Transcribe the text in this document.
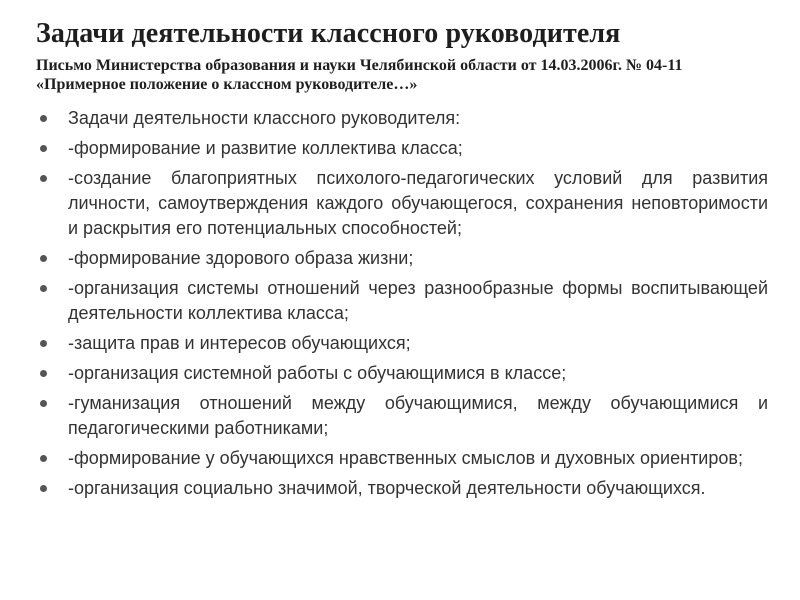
Задачи деятельности классного руководителя

Письмо Министерства образования и науки Челябинской области от 14.03.2006г. № 04-11 «Примерное положение о классном руководителе…»

Задачи деятельности классного руководителя:
-формирование и развитие коллектива класса;
-создание благоприятных психолого-педагогических условий для развития личности, самоутверждения каждого обучающегося, сохранения неповторимости и раскрытия его потенциальных способностей;
-формирование здорового образа жизни;
-организация системы отношений через разнообразные формы воспитывающей деятельности коллектива класса;
-защита прав и интересов обучающихся;
-организация системной работы с обучающимися в классе;
-гуманизация отношений между обучающимися, между обучающимися и педагогическими работниками;
-формирование у обучающихся нравственных смыслов и духовных ориентиров;
-организация социально значимой, творческой деятельности обучающихся.
